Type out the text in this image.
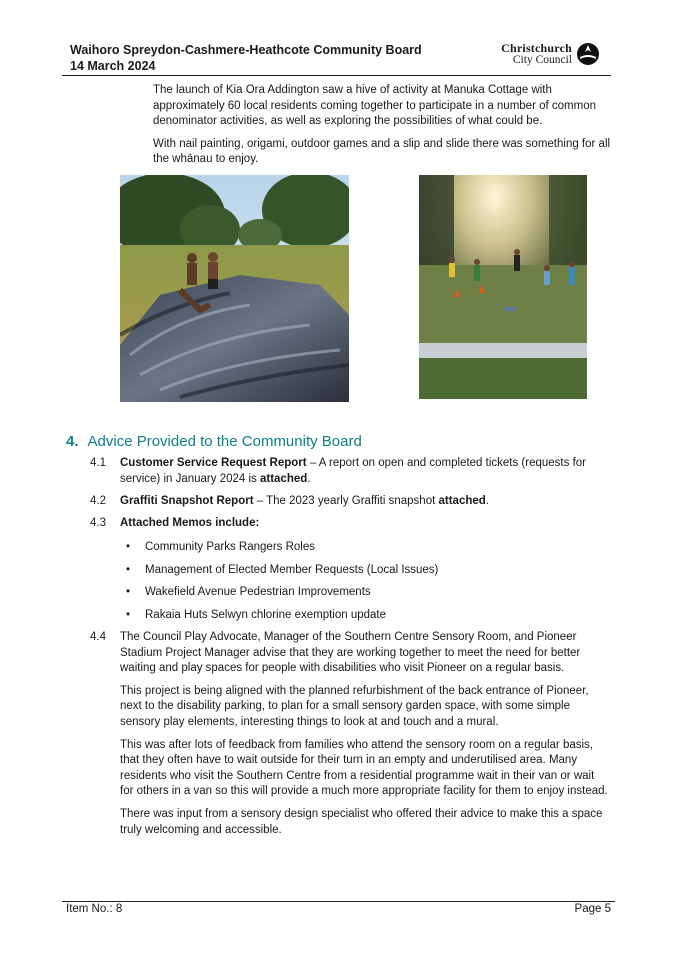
Waihoro Spreydon-Cashmere-Heathcote Community Board
14 March 2024
Christchurch
City Council

The launch of Kia Ora Addington saw a hive of activity at Manuka Cottage with approximately 60 local residents coming together to participate in a number of common denominator activities, as well as exploring the possibilities of what could be.

With nail painting, origami, outdoor games and a slip and slide there was something for all the whānau to enjoy.

4. Advice Provided to the Community Board
4.1	Customer Service Request Report – A report on open and completed tickets (requests for service) in January 2024 is attached.
4.2	Graffiti Snapshot Report – The 2023 yearly Graffiti snapshot attached.
4.3	Attached Memos include:
• Community Parks Rangers Roles
• Management of Elected Member Requests (Local Issues)
• Wakefield Avenue Pedestrian Improvements
• Rakaia Huts Selwyn chlorine exemption update
4.4	The Council Play Advocate, Manager of the Southern Centre Sensory Room, and Pioneer Stadium Project Manager advise that they are working together to meet the need for better waiting and play spaces for people with disabilities who visit Pioneer on a regular basis.

This project is being aligned with the planned refurbishment of the back entrance of Pioneer, next to the disability parking, to plan for a small sensory garden space, with some simple sensory play elements, interesting things to look at and touch and a mural.

This was after lots of feedback from families who attend the sensory room on a regular basis, that they often have to wait outside for their turn in an empty and underutilised area. Many residents who visit the Southern Centre from a residential programme wait in their van or wait for others in a van so this will provide a much more appropriate facility for them to enjoy instead.

There was input from a sensory design specialist who offered their advice to make this a space truly welcoming and accessible.

Item No.: 8	Page 5
